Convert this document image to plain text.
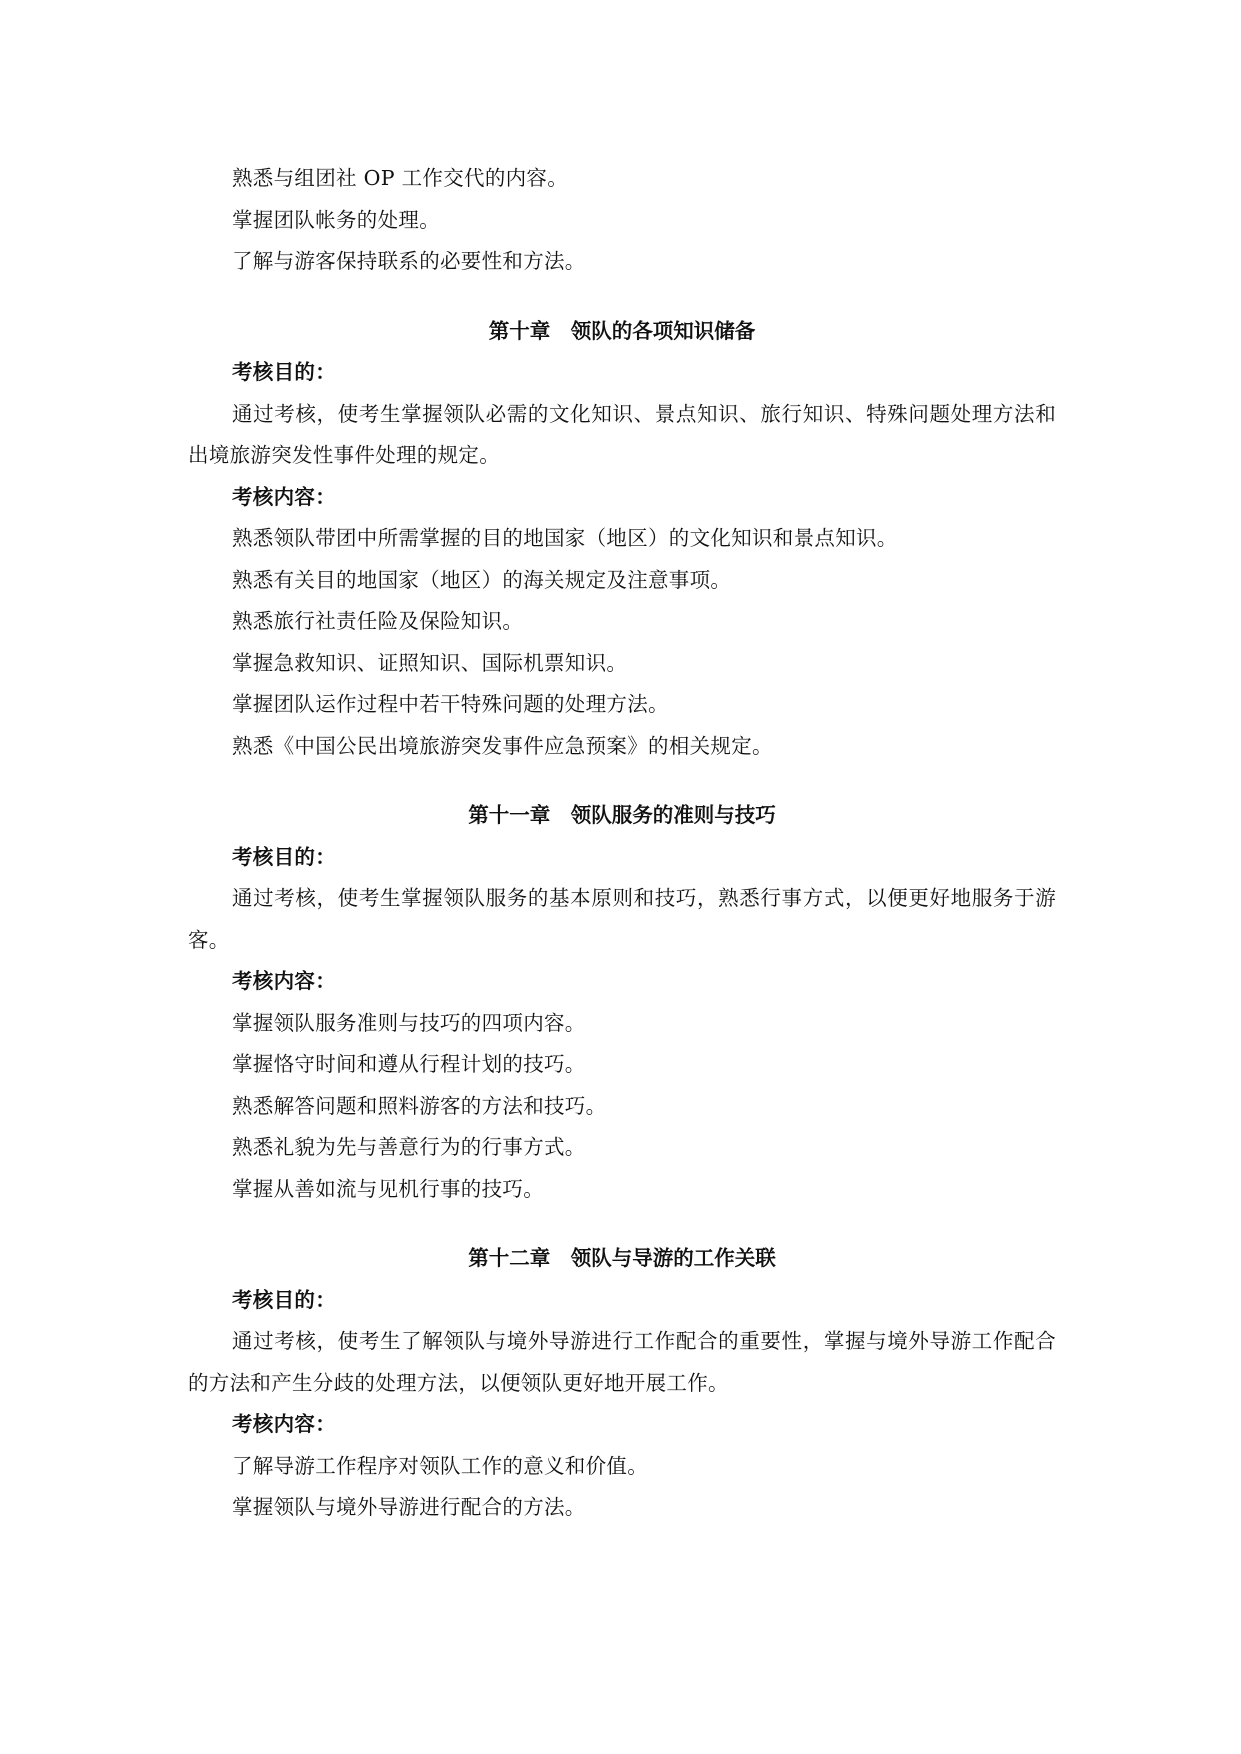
熟悉与组团社 OP 工作交代的内容。
掌握团队帐务的处理。
了解与游客保持联系的必要性和方法。
第十章　领队的各项知识储备
考核目的：
通过考核，使考生掌握领队必需的文化知识、景点知识、旅行知识、特殊问题处理方法和出境旅游突发性事件处理的规定。
考核内容：
熟悉领队带团中所需掌握的目的地国家（地区）的文化知识和景点知识。
熟悉有关目的地国家（地区）的海关规定及注意事项。
熟悉旅行社责任险及保险知识。
掌握急救知识、证照知识、国际机票知识。
掌握团队运作过程中若干特殊问题的处理方法。
熟悉《中国公民出境旅游突发事件应急预案》的相关规定。
第十一章　领队服务的准则与技巧
考核目的：
通过考核，使考生掌握领队服务的基本原则和技巧，熟悉行事方式，以便更好地服务于游客。
考核内容：
掌握领队服务准则与技巧的四项内容。
掌握恪守时间和遵从行程计划的技巧。
熟悉解答问题和照料游客的方法和技巧。
熟悉礼貌为先与善意行为的行事方式。
掌握从善如流与见机行事的技巧。
第十二章　领队与导游的工作关联
考核目的：
通过考核，使考生了解领队与境外导游进行工作配合的重要性，掌握与境外导游工作配合的方法和产生分歧的处理方法，以便领队更好地开展工作。
考核内容：
了解导游工作程序对领队工作的意义和价值。
掌握领队与境外导游进行配合的方法。
